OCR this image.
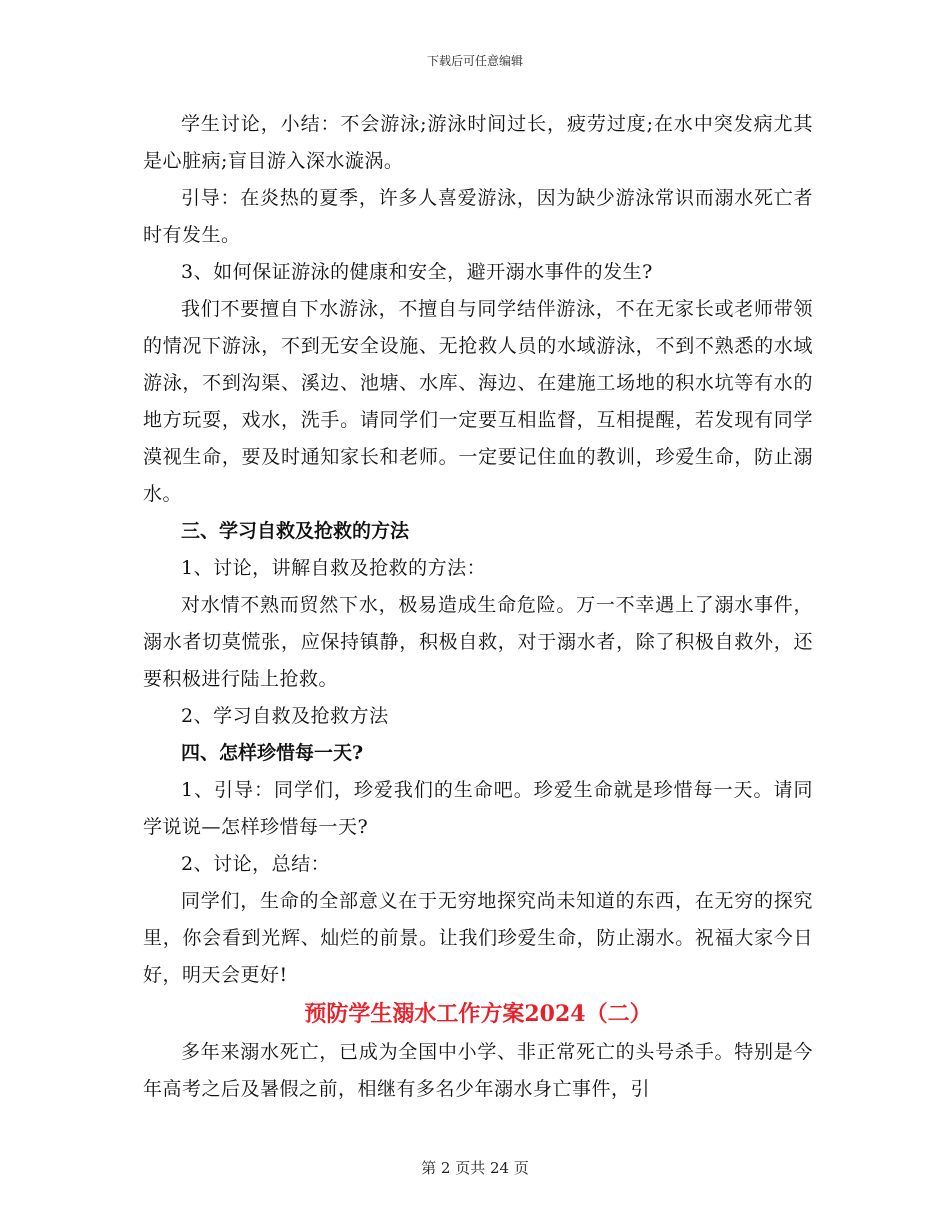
下载后可任意编辑

学生讨论，小结：不会游泳;游泳时间过长，疲劳过度;在水中突发病尤其是心脏病;盲目游入深水漩涡。

引导：在炎热的夏季，许多人喜爱游泳，因为缺少游泳常识而溺水死亡者时有发生。

3、如何保证游泳的健康和安全，避开溺水事件的发生?

我们不要擅自下水游泳，不擅自与同学结伴游泳，不在无家长或老师带领的情况下游泳，不到无安全设施、无抢救人员的水域游泳，不到不熟悉的水域游泳，不到沟渠、溪边、池塘、水库、海边、在建施工场地的积水坑等有水的地方玩耍，戏水，洗手。请同学们一定要互相监督，互相提醒，若发现有同学漠视生命，要及时通知家长和老师。一定要记住血的教训，珍爱生命，防止溺水。

三、学习自救及抢救的方法

1、讨论，讲解自救及抢救的方法：

对水情不熟而贸然下水，极易造成生命危险。万一不幸遇上了溺水事件，溺水者切莫慌张，应保持镇静，积极自救，对于溺水者，除了积极自救外，还要积极进行陆上抢救。

2、学习自救及抢救方法

四、怎样珍惜每一天?

1、引导：同学们，珍爱我们的生命吧。珍爱生命就是珍惜每一天。请同学说说—怎样珍惜每一天?

2、讨论，总结：

同学们，生命的全部意义在于无穷地探究尚未知道的东西，在无穷的探究里，你会看到光辉、灿烂的前景。让我们珍爱生命，防止溺水。祝福大家今日好，明天会更好!

预防学生溺水工作方案2024（二）

多年来溺水死亡，已成为全国中小学、非正常死亡的头号杀手。特别是今年高考之后及暑假之前，相继有多名少年溺水身亡事件，引

第 2 页共 24 页
